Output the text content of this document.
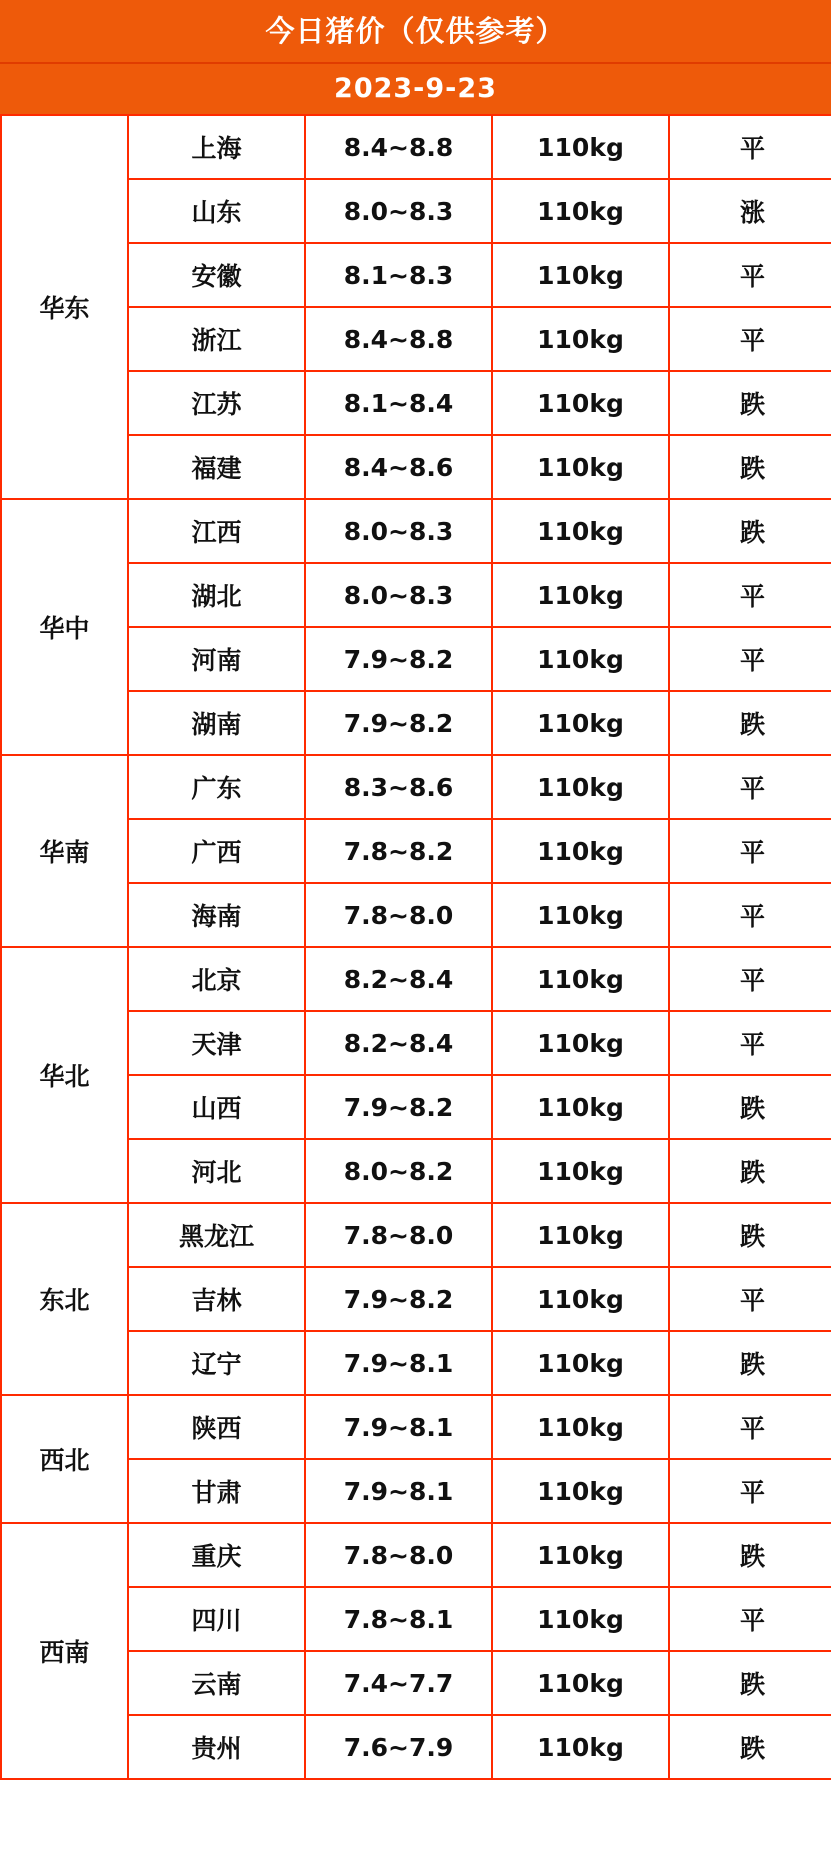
今日猪价（仅供参考）
2023-9-23
华东	上海	8.4~8.8	110kg	平
	山东	8.0~8.3	110kg	涨
	安徽	8.1~8.3	110kg	平
	浙江	8.4~8.8	110kg	平
	江苏	8.1~8.4	110kg	跌
	福建	8.4~8.6	110kg	跌
华中	江西	8.0~8.3	110kg	跌
	湖北	8.0~8.3	110kg	平
	河南	7.9~8.2	110kg	平
	湖南	7.9~8.2	110kg	跌
华南	广东	8.3~8.6	110kg	平
	广西	7.8~8.2	110kg	平
	海南	7.8~8.0	110kg	平
华北	北京	8.2~8.4	110kg	平
	天津	8.2~8.4	110kg	平
	山西	7.9~8.2	110kg	跌
	河北	8.0~8.2	110kg	跌
东北	黑龙江	7.8~8.0	110kg	跌
	吉林	7.9~8.2	110kg	平
	辽宁	7.9~8.1	110kg	跌
西北	陕西	7.9~8.1	110kg	平
	甘肃	7.9~8.1	110kg	平
西南	重庆	7.8~8.0	110kg	跌
	四川	7.8~8.1	110kg	平
	云南	7.4~7.7	110kg	跌
	贵州	7.6~7.9	110kg	跌
